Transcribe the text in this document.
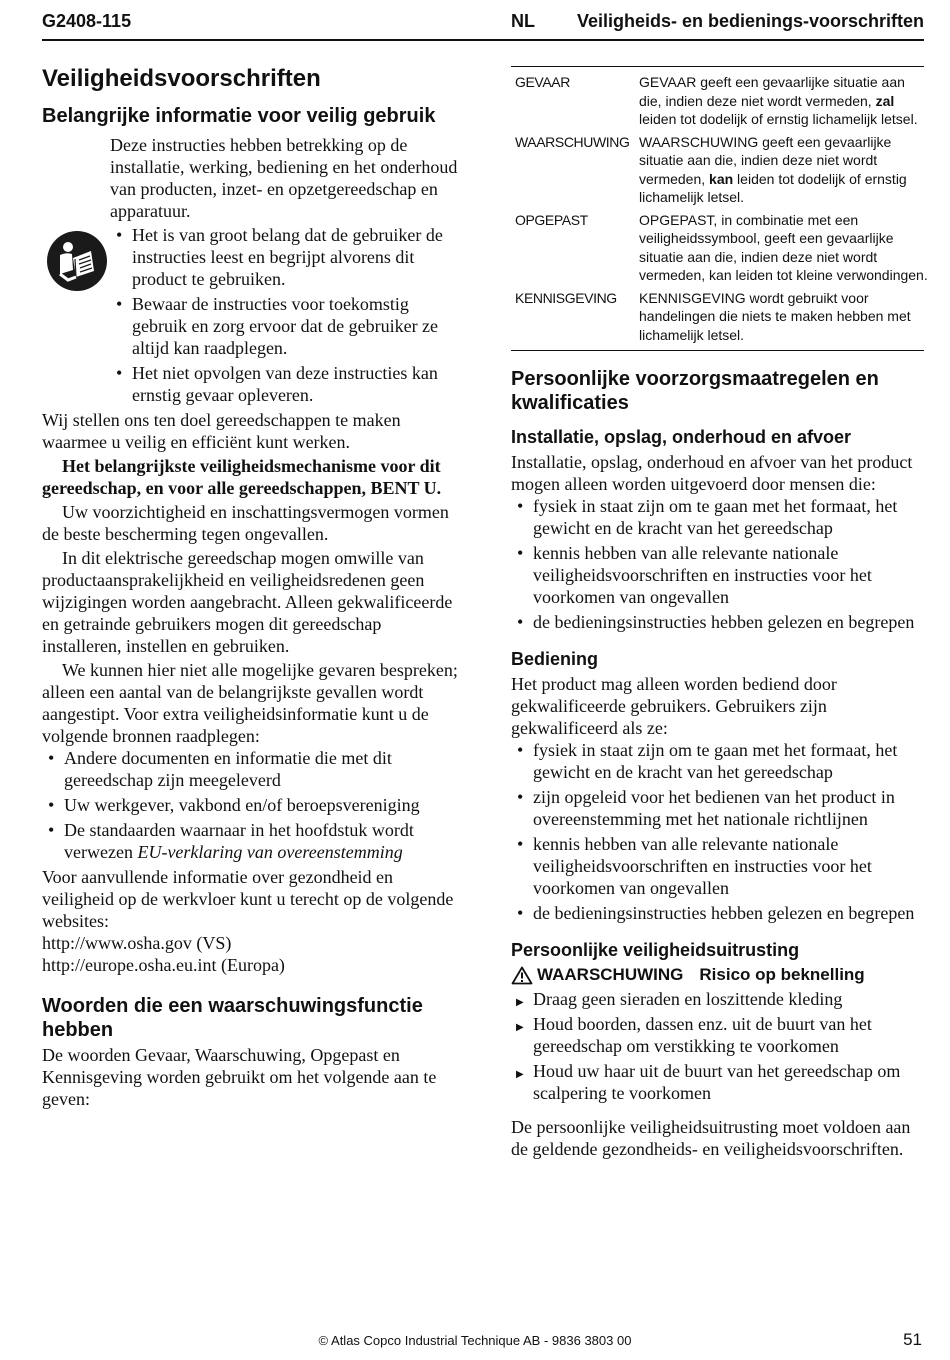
G2408-115	NL Veiligheids- en bedienings-voorschriften
Veiligheidsvoorschriften
Belangrijke informatie voor veilig gebruik

Deze instructies hebben betrekking op de installatie, werking, bediening en het onderhoud van producten, inzet- en opzetgereedschap en apparatuur.

• Het is van groot belang dat de gebruiker de instructies leest en begrijpt alvorens dit product te gebruiken.
• Bewaar de instructies voor toekomstig gebruik en zorg ervoor dat de gebruiker ze altijd kan raadplegen.
• Het niet opvolgen van deze instructies kan ernstig gevaar opleveren.

Wij stellen ons ten doel gereedschappen te maken waarmee u veilig en efficiënt kunt werken.

Het belangrijkste veiligheidsmechanisme voor dit gereedschap, en voor alle gereedschappen, BENT U.

Uw voorzichtigheid en inschattingsvermogen vormen de beste bescherming tegen ongevallen.

In dit elektrische gereedschap mogen omwille van productaansprakelijkheid en veiligheidsredenen geen wijzigingen worden aangebracht. Alleen gekwalificeerde en getrainde gebruikers mogen dit gereedschap installeren, instellen en gebruiken.

We kunnen hier niet alle mogelijke gevaren bespreken; alleen een aantal van de belangrijkste gevallen wordt aangestipt. Voor extra veiligheidsinformatie kunt u de volgende bronnen raadplegen:

• Andere documenten en informatie die met dit gereedschap zijn meegeleverd
• Uw werkgever, vakbond en/of beroepsvereniging
• De standaarden waarnaar in het hoofdstuk wordt verwezen EU-verklaring van overeenstemming

Voor aanvullende informatie over gezondheid en veiligheid op de werkvloer kunt u terecht op de volgende websites:

http://www.osha.gov (VS)

http://europe.osha.eu.int (Europa)

Woorden die een waarschuwingsfunctie hebben

De woorden Gevaar, Waarschuwing, Opgepast en Kennisgeving worden gebruikt om het volgende aan te geven:

GEVAAR	GEVAAR geeft een gevaarlijke situatie aan die, indien deze niet wordt vermeden, zal leiden tot dodelijk of ernstig lichamelijk letsel.
WAARSCHUWING	WAARSCHUWING geeft een gevaarlijke situatie aan die, indien deze niet wordt vermeden, kan leiden tot dodelijk of ernstig lichamelijk letsel.
OPGEPAST	OPGEPAST, in combinatie met een veiligheidssymbool, geeft een gevaarlijke situatie aan die, indien deze niet wordt vermeden, kan leiden tot kleine verwondingen.
KENNISGEVING	KENNISGEVING wordt gebruikt voor handelingen die niets te maken hebben met lichamelijk letsel.
Persoonlijke voorzorgsmaatregelen en kwalificaties
Installatie, opslag, onderhoud en afvoer

Installatie, opslag, onderhoud en afvoer van het product mogen alleen worden uitgevoerd door mensen die:

• fysiek in staat zijn om te gaan met het formaat, het gewicht en de kracht van het gereedschap
• kennis hebben van alle relevante nationale veiligheidsvoorschriften en instructies voor het voorkomen van ongevallen
• de bedieningsinstructies hebben gelezen en begrepen
Bediening

Het product mag alleen worden bediend door gekwalificeerde gebruikers. Gebruikers zijn gekwalificeerd als ze:

• fysiek in staat zijn om te gaan met het formaat, het gewicht en de kracht van het gereedschap
• zijn opgeleid voor het bedienen van het product in overeenstemming met het nationale richtlijnen
• kennis hebben van alle relevante nationale veiligheidsvoorschriften en instructies voor het voorkomen van ongevallen
• de bedieningsinstructies hebben gelezen en begrepen
Persoonlijke veiligheidsuitrusting
WAARSCHUWING Risico op beknelling
▶ Draag geen sieraden en loszittende kleding
▶ Houd boorden, dassen enz. uit de buurt van het gereedschap om verstikking te voorkomen
▶ Houd uw haar uit de buurt van het gereedschap om scalpering te voorkomen

De persoonlijke veiligheidsuitrusting moet voldoen aan de geldende gezondheids- en veiligheidsvoorschriften.

© Atlas Copco Industrial Technique AB - 9836 3803 00	51
